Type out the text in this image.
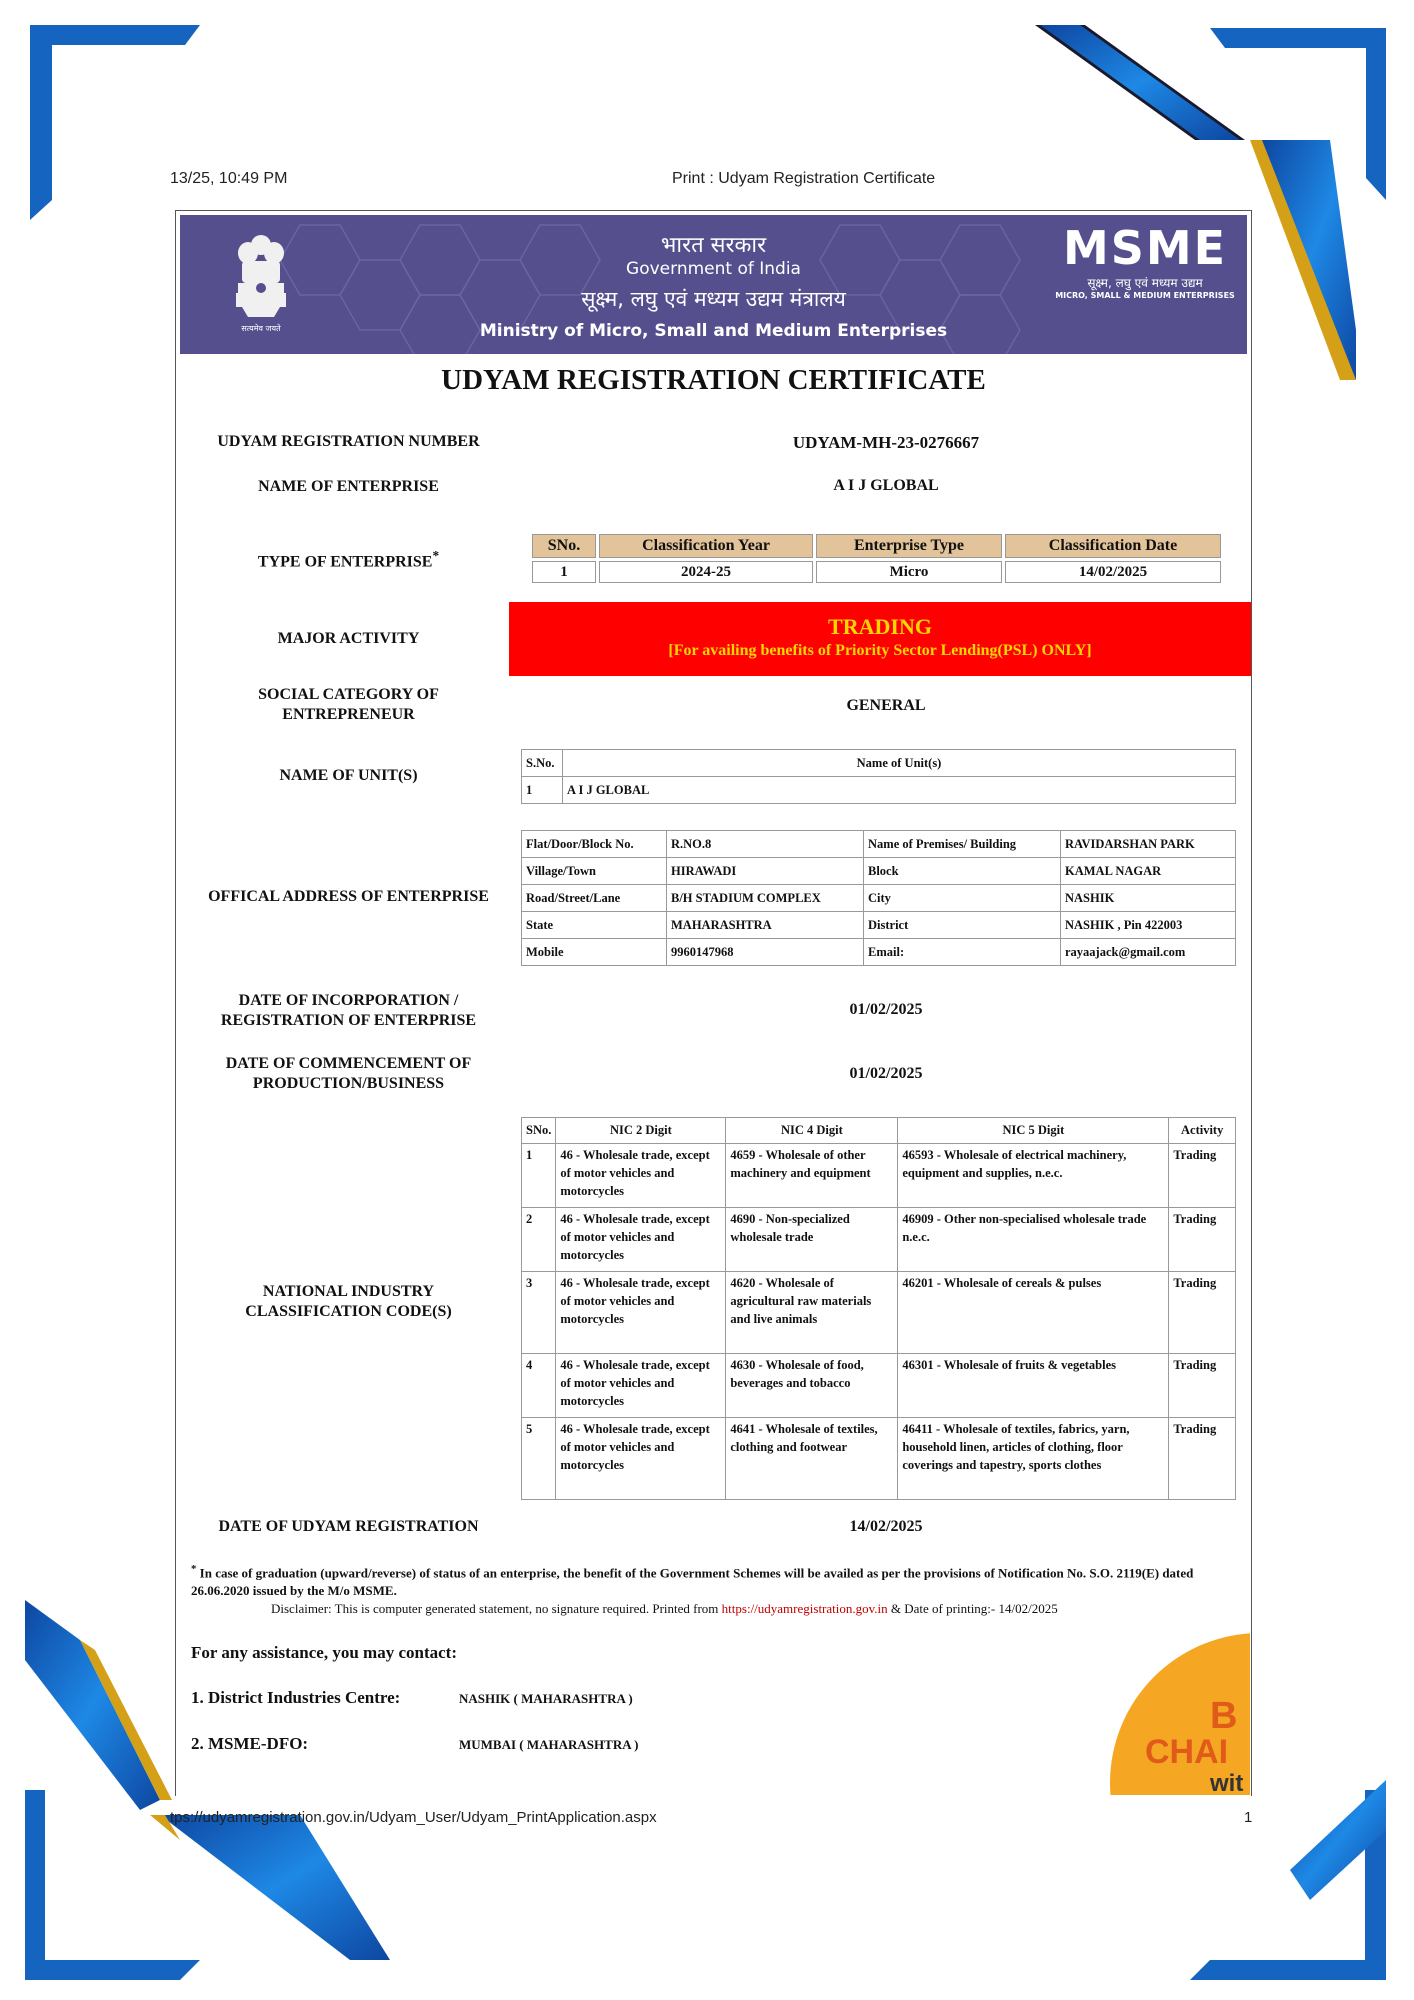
13/25, 10:49 PM	Print : Udyam Registration Certificate
सत्यमेव जयते
भारत सरकार
Government of India
सूक्ष्म, लघु एवं मध्यम उद्यम मंत्रालय
Ministry of Micro, Small and Medium Enterprises
MSME
सूक्ष्म, लघु एवं मध्यम उद्यम
MICRO, SMALL & MEDIUM ENTERPRISES
UDYAM REGISTRATION CERTIFICATE
UDYAM REGISTRATION NUMBER	UDYAM-MH-23-0276667
NAME OF ENTERPRISE	A I J GLOBAL
TYPE OF ENTERPRISE*
SNo.	Classification Year	Enterprise Type	Classification Date
1	2024-25	Micro	14/02/2025
MAJOR ACTIVITY	TRADING
[For availing benefits of Priority Sector Lending(PSL) ONLY]
SOCIAL CATEGORY OF
ENTREPRENEUR
GENERAL
NAME OF UNIT(S)
S.No.	Name of Unit(s)
1	A I J GLOBAL
OFFICAL ADDRESS OF ENTERPRISE
Flat/Door/Block No.	R.NO.8	Name of Premises/ Building	RAVIDARSHAN PARK
Village/Town	HIRAWADI	Block	KAMAL NAGAR
Road/Street/Lane	B/H STADIUM COMPLEX	City	NASHIK
State	MAHARASHTRA	District	NASHIK , Pin 422003
Mobile	9960147968	Email:	rayaajack@gmail.com
DATE OF INCORPORATION /
REGISTRATION OF ENTERPRISE
01/02/2025
DATE OF COMMENCEMENT OF
PRODUCTION/BUSINESS
01/02/2025
NATIONAL INDUSTRY
CLASSIFICATION CODE(S)
SNo.	NIC 2 Digit	NIC 4 Digit	NIC 5 Digit	Activity
1	46 - Wholesale trade, except of motor vehicles and motorcycles	4659 - Wholesale of other machinery and equipment	46593 - Wholesale of electrical machinery, equipment and supplies, n.e.c.	Trading
2	46 - Wholesale trade, except of motor vehicles and motorcycles	4690 - Non-specialized wholesale trade	46909 - Other non-specialised wholesale trade n.e.c.	Trading
3	46 - Wholesale trade, except of motor vehicles and motorcycles	4620 - Wholesale of agricultural raw materials and live animals	46201 - Wholesale of cereals & pulses	Trading
4	46 - Wholesale trade, except of motor vehicles and motorcycles	4630 - Wholesale of food, beverages and tobacco	46301 - Wholesale of fruits & vegetables	Trading
5	46 - Wholesale trade, except of motor vehicles and motorcycles	4641 - Wholesale of textiles, clothing and footwear	46411 - Wholesale of textiles, fabrics, yarn, household linen, articles of clothing, floor coverings and tapestry, sports clothes	Trading
DATE OF UDYAM REGISTRATION	14/02/2025
* In case of graduation (upward/reverse) of status of an enterprise, the benefit of the Government Schemes will be availed as per the provisions of Notification No. S.O. 2119(E) dated 26.06.2020 issued by the M/o MSME.
Disclaimer: This is computer generated statement, no signature required. Printed from https://udyamregistration.gov.in & Date of printing:- 14/02/2025
For any assistance, you may contact:
1. District Industries Centre:	NASHIK ( MAHARASHTRA )
2. MSME-DFO:	MUMBAI ( MAHARASHTRA )
B
CHAI
wit
tps://udyamregistration.gov.in/Udyam_User/Udyam_PrintApplication.aspx	1
